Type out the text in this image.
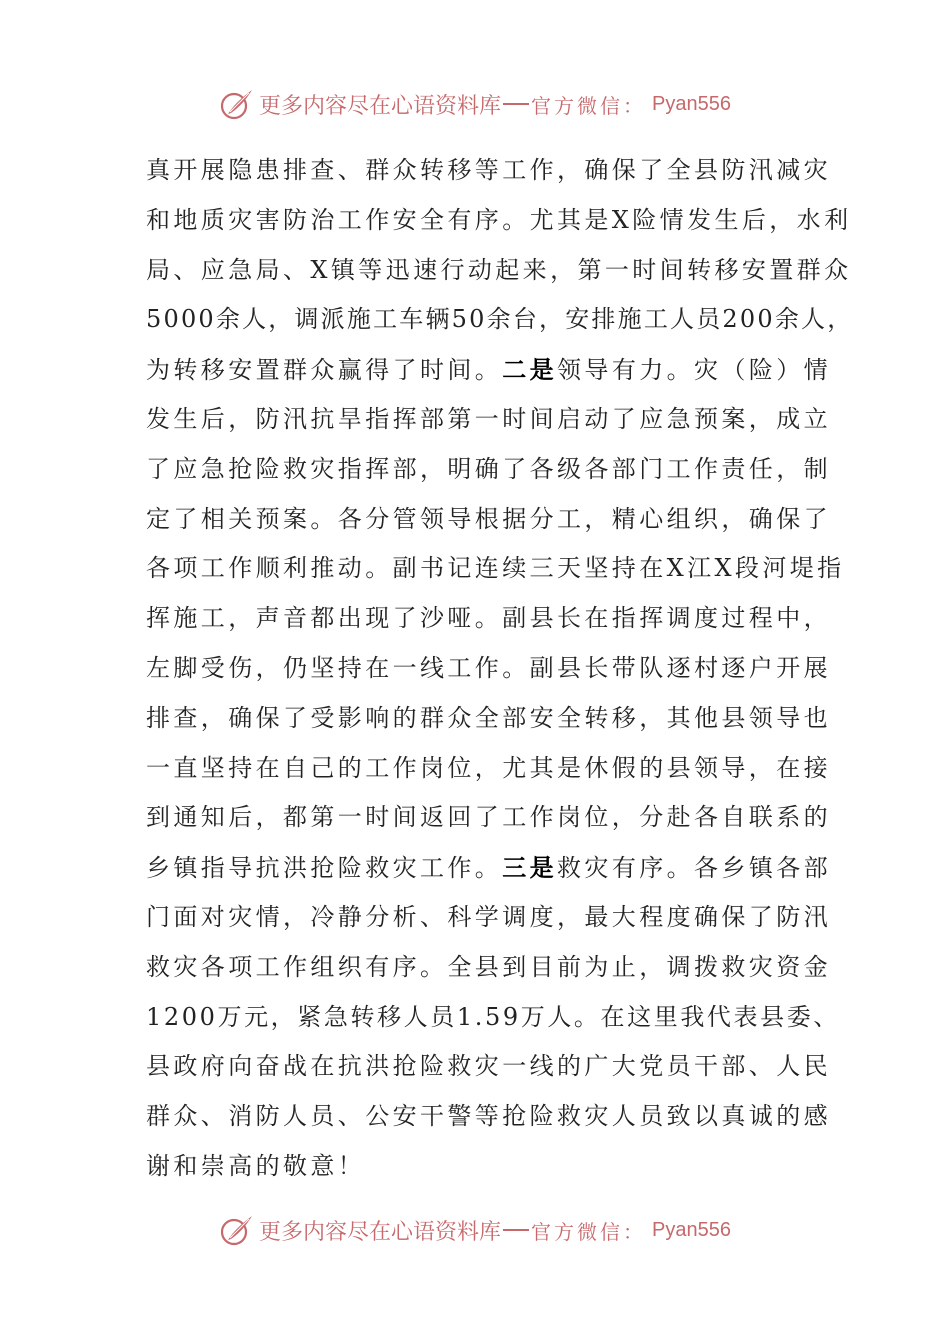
更多内容尽在心语资料库 官方微信： Pyan556
真开展隐患排查、群众转移等工作，确保了全县防汛减灾
和地质灾害防治工作安全有序。尤其是X险情发生后，水利
局、应急局、X镇等迅速行动起来，第一时间转移安置群众
5000余人，调派施工车辆50余台，安排施工人员200余人，
为转移安置群众赢得了时间。二是领导有力。灾（险）情
发生后，防汛抗旱指挥部第一时间启动了应急预案，成立
了应急抢险救灾指挥部，明确了各级各部门工作责任，制
定了相关预案。各分管领导根据分工，精心组织，确保了
各项工作顺利推动。副书记连续三天坚持在X江X段河堤指
挥施工，声音都出现了沙哑。副县长在指挥调度过程中，
左脚受伤，仍坚持在一线工作。副县长带队逐村逐户开展
排查，确保了受影响的群众全部安全转移，其他县领导也
一直坚持在自己的工作岗位，尤其是休假的县领导，在接
到通知后，都第一时间返回了工作岗位，分赴各自联系的
乡镇指导抗洪抢险救灾工作。三是救灾有序。各乡镇各部
门面对灾情，冷静分析、科学调度，最大程度确保了防汛
救灾各项工作组织有序。全县到目前为止，调拨救灾资金
1200万元，紧急转移人员1.59万人。在这里我代表县委、
县政府向奋战在抗洪抢险救灾一线的广大党员干部、人民
群众、消防人员、公安干警等抢险救灾人员致以真诚的感
谢和崇高的敬意！
更多内容尽在心语资料库 官方微信： Pyan556
